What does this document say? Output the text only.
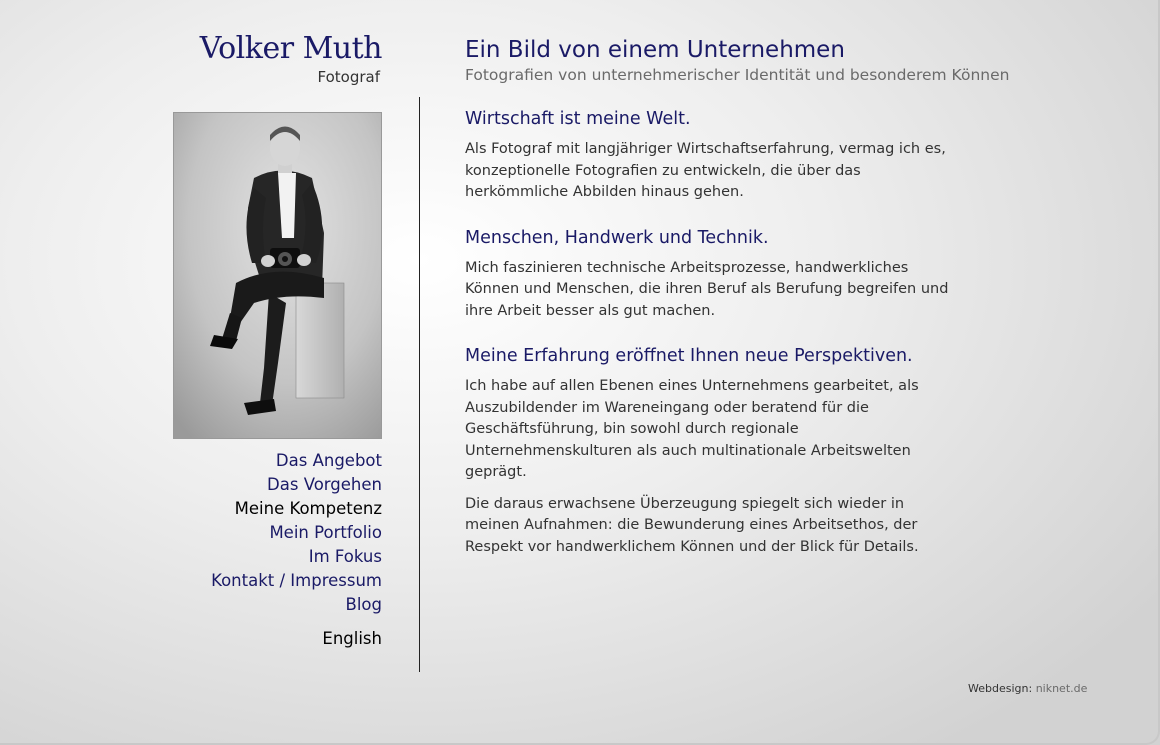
Volker Muth
Fotograf
Das Angebot
Das Vorgehen
Meine Kompetenz
Mein Portfolio
Im Fokus
Kontakt / Impressum
Blog
English
Ein Bild von einem Unternehmen

Fotografien von unternehmerischer Identität und besonderem Können

Wirtschaft ist meine Welt.

Als Fotograf mit langjähriger Wirtschaftserfahrung, vermag ich es, konzeptionelle Fotografien zu entwickeln, die über das herkömmliche Abbilden hinaus gehen.

Menschen, Handwerk und Technik.

Mich faszinieren technische Arbeitsprozesse, handwerkliches Können und Menschen, die ihren Beruf als Berufung begreifen und ihre Arbeit besser als gut machen.

Meine Erfahrung eröffnet Ihnen neue Perspektiven.

Ich habe auf allen Ebenen eines Unternehmens gearbeitet, als Auszubildender im Wareneingang oder beratend für die Geschäftsführung, bin sowohl durch regionale Unternehmenskulturen als auch multinationale Arbeitswelten geprägt.

Die daraus erwachsene Überzeugung spiegelt sich wieder in meinen Aufnahmen: die Bewunderung eines Arbeitsethos, der Respekt vor handwerklichem Können und der Blick für Details.

Webdesign: niknet.de
